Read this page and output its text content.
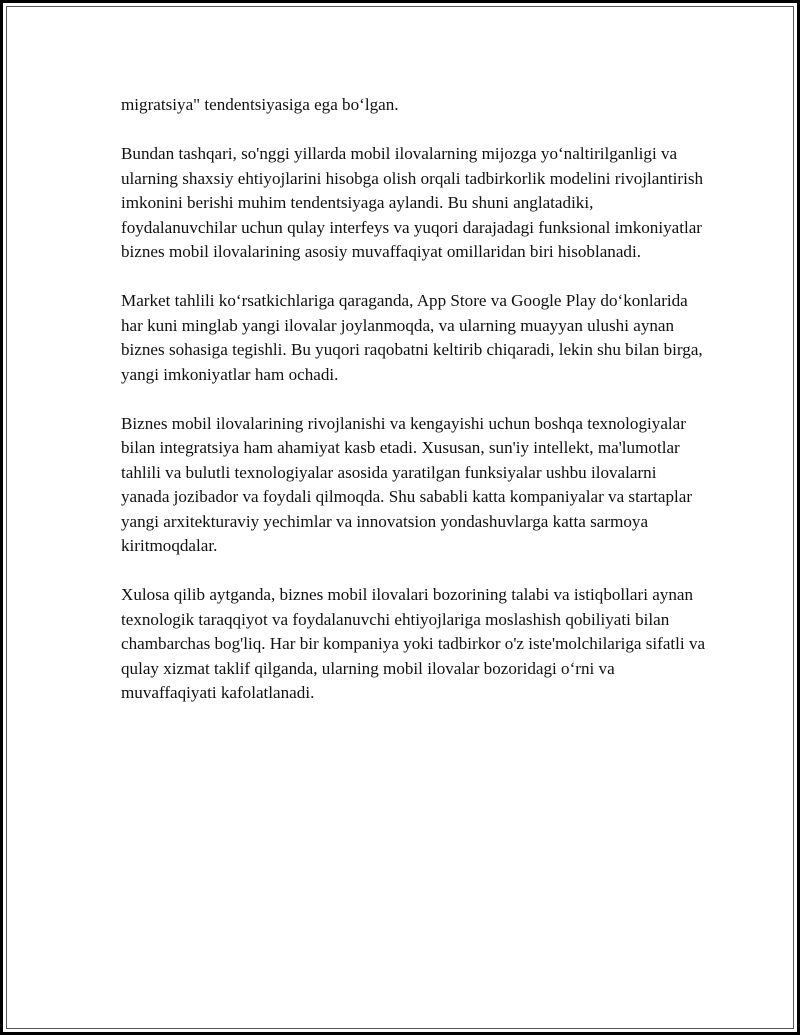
migratsiya" tendentsiyasiga ega bo‘lgan.

Bundan tashqari, so'nggi yillarda mobil ilovalarning mijozga yo‘naltirilganligi va ularning shaxsiy ehtiyojlarini hisobga olish orqali tadbirkorlik modelini rivojlantirish imkonini berishi muhim tendentsiyaga aylandi. Bu shuni anglatadiki, foydalanuvchilar uchun qulay interfeys va yuqori darajadagi funksional imkoniyatlar biznes mobil ilovalarining asosiy muvaffaqiyat omillaridan biri hisoblanadi.

Market tahlili ko‘rsatkichlariga qaraganda, App Store va Google Play do‘konlarida har kuni minglab yangi ilovalar joylanmoqda, va ularning muayyan ulushi aynan biznes sohasiga tegishli. Bu yuqori raqobatni keltirib chiqaradi, lekin shu bilan birga, yangi imkoniyatlar ham ochadi.

Biznes mobil ilovalarining rivojlanishi va kengayishi uchun boshqa texnologiyalar bilan integratsiya ham ahamiyat kasb etadi. Xususan, sun'iy intellekt, ma'lumotlar tahlili va bulutli texnologiyalar asosida yaratilgan funksiyalar ushbu ilovalarni yanada jozibador va foydali qilmoqda. Shu sababli katta kompaniyalar va startaplar yangi arxitekturaviy yechimlar va innovatsion yondashuvlarga katta sarmoya kiritmoqdalar.

Xulosa qilib aytganda, biznes mobil ilovalari bozorining talabi va istiqbollari aynan texnologik taraqqiyot va foydalanuvchi ehtiyojlariga moslashish qobiliyati bilan chambarchas bog'liq. Har bir kompaniya yoki tadbirkor o'z iste'molchilariga sifatli va qulay xizmat taklif qilganda, ularning mobil ilovalar bozoridagi o‘rni va muvaffaqiyati kafolatlanadi.
